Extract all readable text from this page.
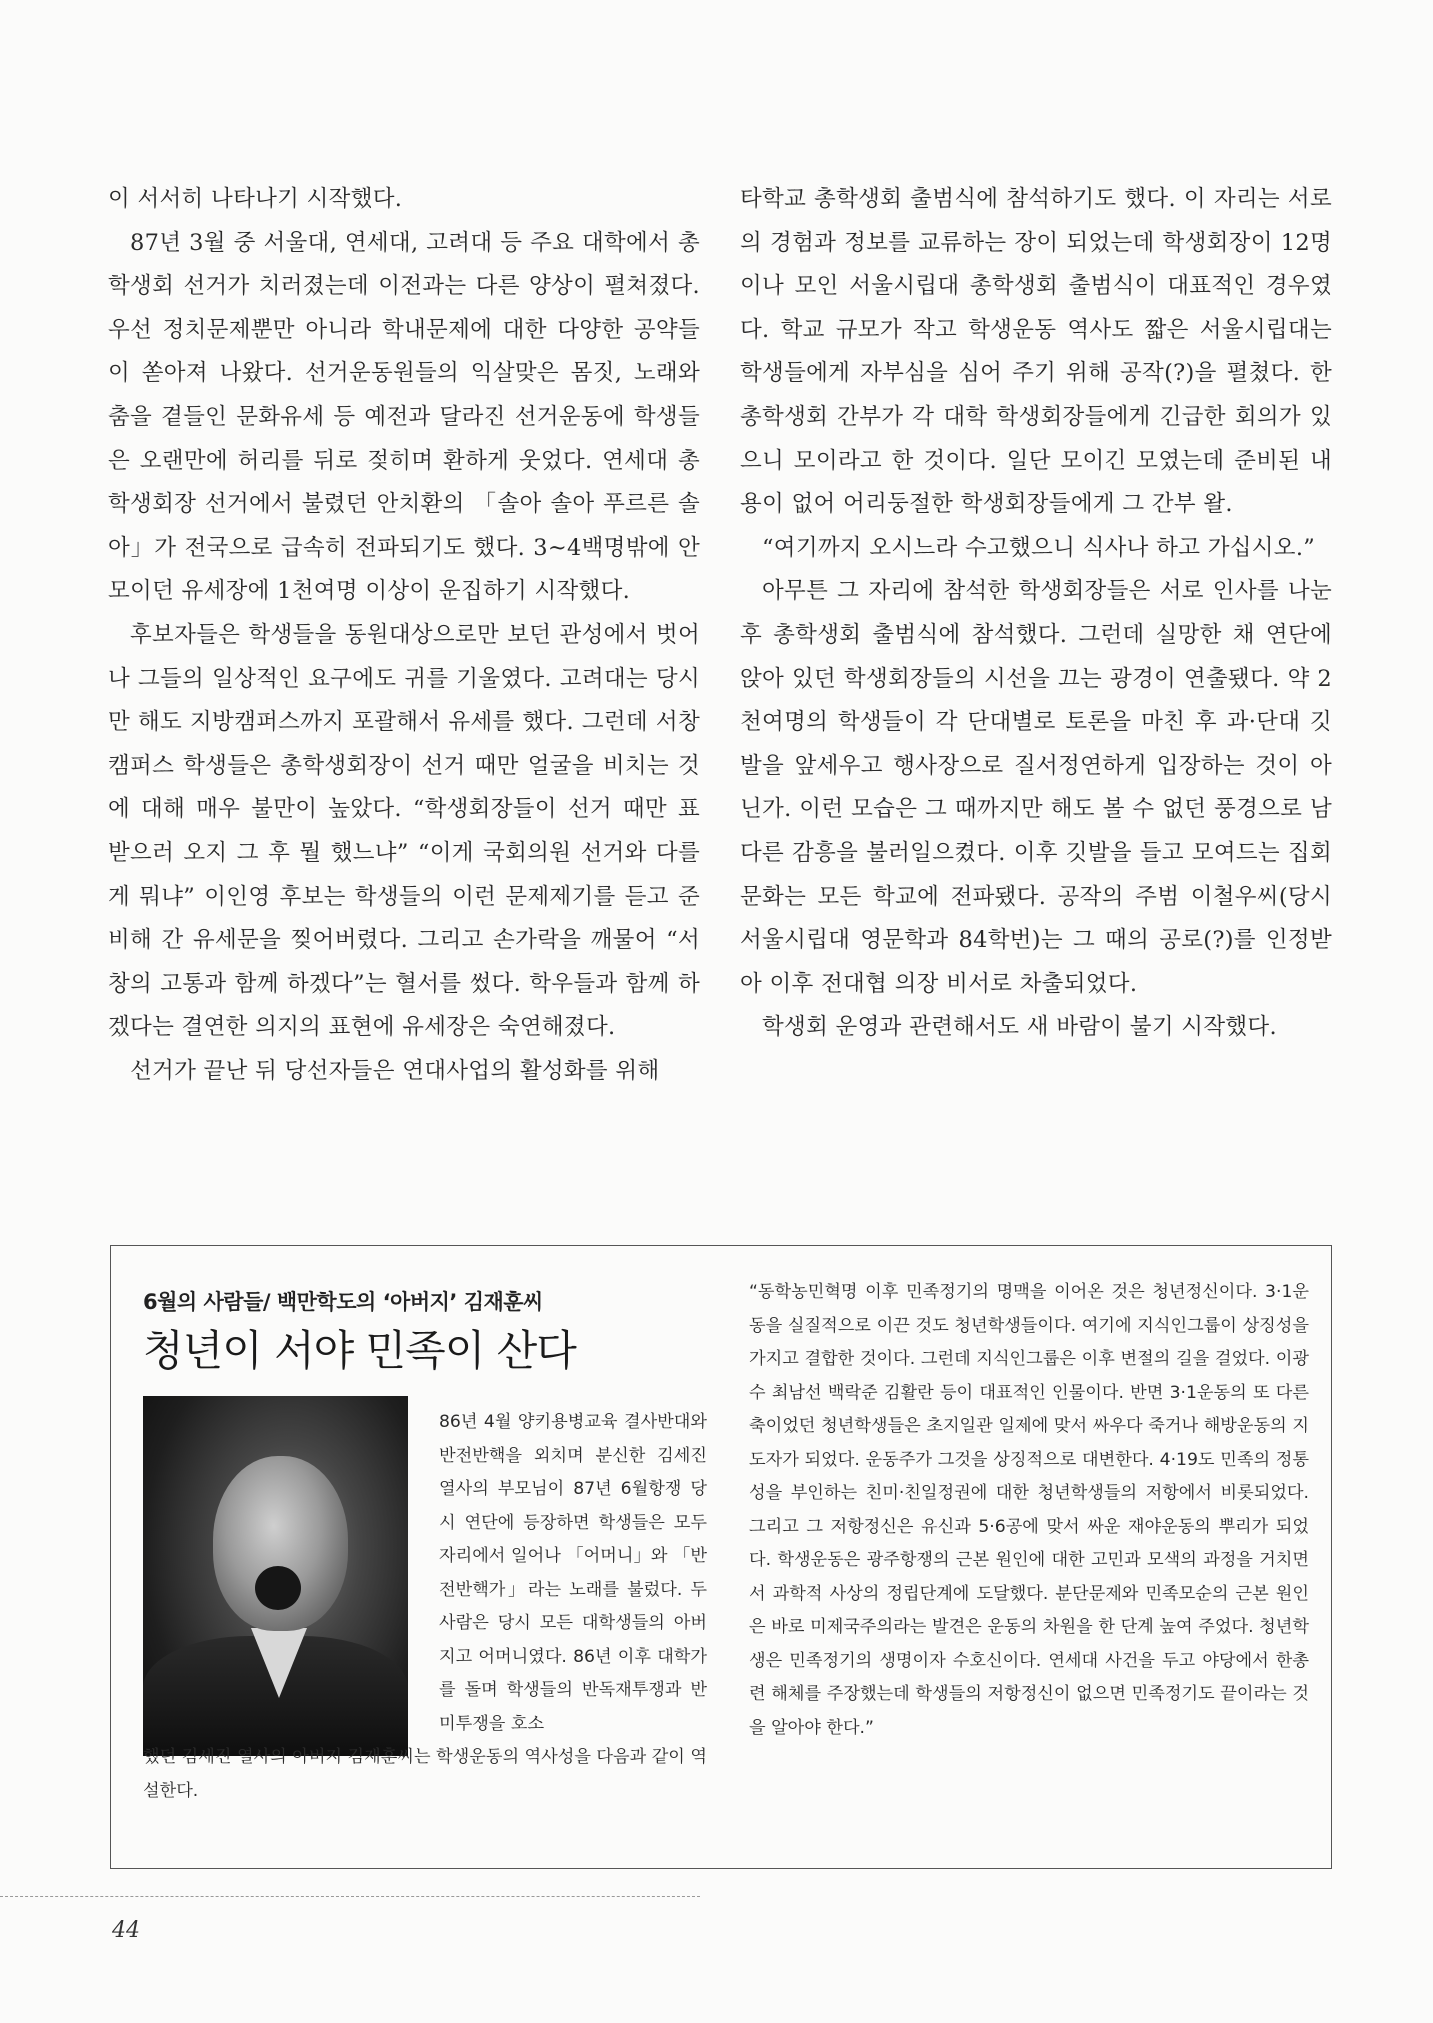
이 서서히 나타나기 시작했다.

87년 3월 중 서울대, 연세대, 고려대 등 주요 대학에서 총학생회 선거가 치러졌는데 이전과는 다른 양상이 펼쳐졌다. 우선 정치문제뿐만 아니라 학내문제에 대한 다양한 공약들이 쏟아져 나왔다. 선거운동원들의 익살맞은 몸짓, 노래와 춤을 곁들인 문화유세 등 예전과 달라진 선거운동에 학생들은 오랜만에 허리를 뒤로 젖히며 환하게 웃었다. 연세대 총학생회장 선거에서 불렸던 안치환의 「솔아 솔아 푸르른 솔아」가 전국으로 급속히 전파되기도 했다. 3~4백명밖에 안 모이던 유세장에 1천여명 이상이 운집하기 시작했다.

후보자들은 학생들을 동원대상으로만 보던 관성에서 벗어나 그들의 일상적인 요구에도 귀를 기울였다. 고려대는 당시만 해도 지방캠퍼스까지 포괄해서 유세를 했다. 그런데 서창캠퍼스 학생들은 총학생회장이 선거 때만 얼굴을 비치는 것에 대해 매우 불만이 높았다. “학생회장들이 선거 때만 표 받으러 오지 그 후 뭘 했느냐” “이게 국회의원 선거와 다를 게 뭐냐” 이인영 후보는 학생들의 이런 문제제기를 듣고 준비해 간 유세문을 찢어버렸다. 그리고 손가락을 깨물어 “서창의 고통과 함께 하겠다”는 혈서를 썼다. 학우들과 함께 하겠다는 결연한 의지의 표현에 유세장은 숙연해졌다.

선거가 끝난 뒤 당선자들은 연대사업의 활성화를 위해

타학교 총학생회 출범식에 참석하기도 했다. 이 자리는 서로의 경험과 정보를 교류하는 장이 되었는데 학생회장이 12명이나 모인 서울시립대 총학생회 출범식이 대표적인 경우였다. 학교 규모가 작고 학생운동 역사도 짧은 서울시립대는 학생들에게 자부심을 심어 주기 위해 공작(?)을 펼쳤다. 한 총학생회 간부가 각 대학 학생회장들에게 긴급한 회의가 있으니 모이라고 한 것이다. 일단 모이긴 모였는데 준비된 내용이 없어 어리둥절한 학생회장들에게 그 간부 왈.

“여기까지 오시느라 수고했으니 식사나 하고 가십시오.”

아무튼 그 자리에 참석한 학생회장들은 서로 인사를 나눈 후 총학생회 출범식에 참석했다. 그런데 실망한 채 연단에 앉아 있던 학생회장들의 시선을 끄는 광경이 연출됐다. 약 2천여명의 학생들이 각 단대별로 토론을 마친 후 과·단대 깃발을 앞세우고 행사장으로 질서정연하게 입장하는 것이 아닌가. 이런 모습은 그 때까지만 해도 볼 수 없던 풍경으로 남다른 감흥을 불러일으켰다. 이후 깃발을 들고 모여드는 집회문화는 모든 학교에 전파됐다. 공작의 주범 이철우씨(당시 서울시립대 영문학과 84학번)는 그 때의 공로(?)를 인정받아 이후 전대협 의장 비서로 차출되었다.

학생회 운영과 관련해서도 새 바람이 불기 시작했다.

6월의 사람들/ 백만학도의 ‘아버지’ 김재훈씨
청년이 서야 민족이 산다

86년 4월 양키용병교육 결사반대와 반전반핵을 외치며 분신한 김세진 열사의 부모님이 87년 6월항쟁 당시 연단에 등장하면 학생들은 모두 자리에서 일어나 「어머니」와 「반전반핵가」라는 노래를 불렀다. 두 사람은 당시 모든 대학생들의 아버지고 어머니였다. 86년 이후 대학가를 돌며 학생들의 반독재투쟁과 반미투쟁을 호소

했던 김세진 열사의 아버지 김재훈씨는 학생운동의 역사성을 다음과 같이 역설한다.

“동학농민혁명 이후 민족정기의 명맥을 이어온 것은 청년정신이다. 3·1운동을 실질적으로 이끈 것도 청년학생들이다. 여기에 지식인그룹이 상징성을 가지고 결합한 것이다. 그런데 지식인그룹은 이후 변절의 길을 걸었다. 이광수 최남선 백락준 김활란 등이 대표적인 인물이다. 반면 3·1운동의 또 다른 축이었던 청년학생들은 초지일관 일제에 맞서 싸우다 죽거나 해방운동의 지도자가 되었다. 운동주가 그것을 상징적으로 대변한다. 4·19도 민족의 정통성을 부인하는 친미·친일정권에 대한 청년학생들의 저항에서 비롯되었다. 그리고 그 저항정신은 유신과 5·6공에 맞서 싸운 재야운동의 뿌리가 되었다. 학생운동은 광주항쟁의 근본 원인에 대한 고민과 모색의 과정을 거치면서 과학적 사상의 정립단계에 도달했다. 분단문제와 민족모순의 근본 원인은 바로 미제국주의라는 발견은 운동의 차원을 한 단계 높여 주었다. 청년학생은 민족정기의 생명이자 수호신이다. 연세대 사건을 두고 야당에서 한총련 해체를 주장했는데 학생들의 저항정신이 없으면 민족정기도 끝이라는 것을 알아야 한다.”

44
